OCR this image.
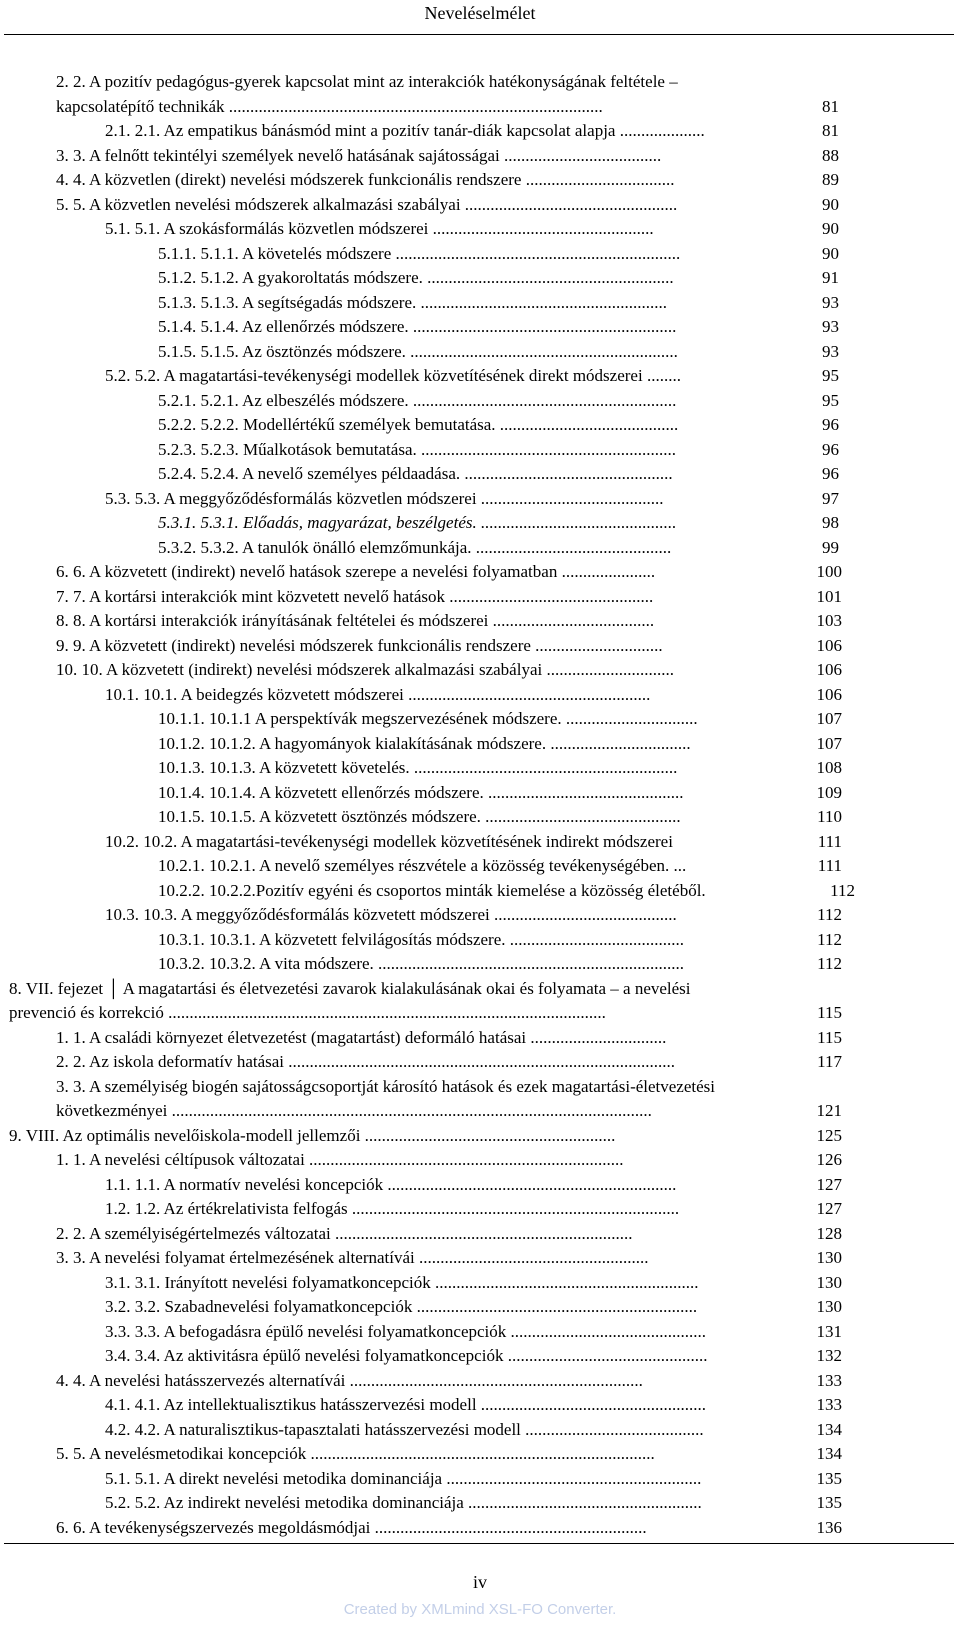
Neveléselmélet
2. 2. A pozitív pedagógus-gyerek kapcsolat mint az interakciók hatékonyságának feltétele –
kapcsolatépítő technikák ........................................................................................	81
2.1. 2.1. Az empatikus bánásmód mint a pozitív tanár-diák kapcsolat alapja ....................	81
3. 3. A felnőtt tekintélyi személyek nevelő hatásának sajátosságai .....................................	88
4. 4. A közvetlen (direkt) nevelési módszerek funkcionális rendszere ...................................	89
5. 5. A közvetlen nevelési módszerek alkalmazási szabályai ..................................................	90
5.1. 5.1. A szokásformálás közvetlen módszerei ....................................................	90
5.1.1. 5.1.1. A követelés módszere ...................................................................	90
5.1.2. 5.1.2. A gyakoroltatás módszere. ..........................................................	91
5.1.3. 5.1.3. A segítségadás módszere. ..........................................................	93
5.1.4. 5.1.4. Az ellenőrzés módszere. ..............................................................	93
5.1.5. 5.1.5. Az ösztönzés módszere. ...............................................................	93
5.2. 5.2. A magatartási-tevékenységi modellek közvetítésének direkt módszerei ........	95
5.2.1. 5.2.1. Az elbeszélés módszere. ..............................................................	95
5.2.2. 5.2.2. Modellértékű személyek bemutatása. ..........................................	96
5.2.3. 5.2.3. Műalkotások bemutatása. ............................................................	96
5.2.4. 5.2.4. A nevelő személyes példaadása. .................................................	96
5.3. 5.3. A meggyőződésformálás közvetlen módszerei ...........................................	97
5.3.1. 5.3.1. Előadás, magyarázat, beszélgetés. ..............................................	98
5.3.2. 5.3.2. A tanulók önálló elemzőmunkája. ..............................................	99
6. 6. A közvetett (indirekt) nevelő hatások szerepe a nevelési folyamatban ......................	100
7. 7. A kortársi interakciók mint közvetett nevelő hatások ................................................	101
8. 8. A kortársi interakciók irányításának feltételei és módszerei ......................................	103
9. 9. A közvetett (indirekt) nevelési módszerek funkcionális rendszere ..............................	106
10. 10. A közvetett (indirekt) nevelési módszerek alkalmazási szabályai ..............................	106
10.1. 10.1. A beidegzés közvetett módszerei .........................................................	106
10.1.1. 10.1.1 A perspektívák megszervezésének módszere. ...............................	107
10.1.2. 10.1.2. A hagyományok kialakításának módszere. .................................	107
10.1.3. 10.1.3. A közvetett követelés. ..............................................................	108
10.1.4. 10.1.4. A közvetett ellenőrzés módszere. ..............................................	109
10.1.5. 10.1.5. A közvetett ösztönzés módszere. ..............................................	110
10.2. 10.2. A magatartási-tevékenységi modellek közvetítésének indirekt módszerei	111
10.2.1. 10.2.1. A nevelő személyes részvétele a közösség tevékenységében. ...	111
10.2.2. 10.2.2.Pozitív egyéni és csoportos minták kiemelése a közösség életéből.	112
10.3. 10.3. A meggyőződésformálás közvetett módszerei ...........................................	112
10.3.1. 10.3.1. A közvetett felvilágosítás módszere. .........................................	112
10.3.2. 10.3.2. A vita módszere. ........................................................................	112
8. VII. fejezet │ A magatartási és életvezetési zavarok kialakulásának okai és folyamata – a nevelési
prevenció és korrekció .......................................................................................................	115
1. 1. A családi környezet életvezetést (magatartást) deformáló hatásai ................................	115
2. 2. Az iskola deformatív hatásai ...........................................................................................	117
3. 3. A személyiség biogén sajátosságcsoportját károsító hatások és ezek magatartási-életvezetési
következményei .................................................................................................................	121
9. VIII. Az optimális nevelőiskola-modell jellemzői ...........................................................	125
1. 1. A nevelési céltípusok változatai ..........................................................................	126
1.1. 1.1. A normatív nevelési koncepciók ....................................................................	127
1.2. 1.2. Az értékrelativista felfogás .............................................................................	127
2. 2. A személyiségértelmezés változatai ......................................................................	128
3. 3. A nevelési folyamat értelmezésének alternatívái ......................................................	130
3.1. 3.1. Irányított nevelési folyamatkoncepciók ..............................................................	130
3.2. 3.2. Szabadnevelési folyamatkoncepciók ..................................................................	130
3.3. 3.3. A befogadásra épülő nevelési folyamatkoncepciók ..............................................	131
3.4. 3.4. Az aktivitásra épülő nevelési folyamatkoncepciók ...............................................	132
4. 4. A nevelési hatásszervezés alternatívái .....................................................................	133
4.1. 4.1. Az intellektualisztikus hatásszervezési modell .....................................................	133
4.2. 4.2. A naturalisztikus-tapasztalati hatásszervezési modell ..........................................	134
5. 5. A nevelésmetodikai koncepciók .................................................................................	134
5.1. 5.1. A direkt nevelési metodika dominanciája ............................................................	135
5.2. 5.2. Az indirekt nevelési metodika dominanciája .......................................................	135
6. 6. A tevékenységszervezés megoldásmódjai ................................................................	136
iv
Created by XMLmind XSL-FO Converter.
